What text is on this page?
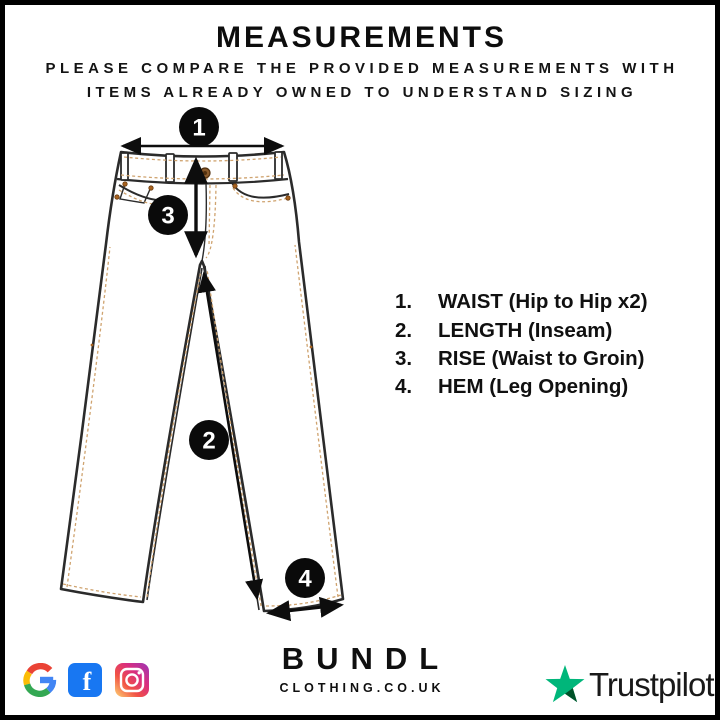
MEASUREMENTS
PLEASE COMPARE THE PROVIDED MEASUREMENTS WITH
ITEMS ALREADY OWNED TO UNDERSTAND SIZING
1
3
2
4
1.	WAIST (Hip to Hip x2)
2.	LENGTH (Inseam)
3.	RISE (Waist to Groin)
4.	HEM (Leg Opening)
f
BUNDL
CLOTHING.CO.UK	Trustpilot
